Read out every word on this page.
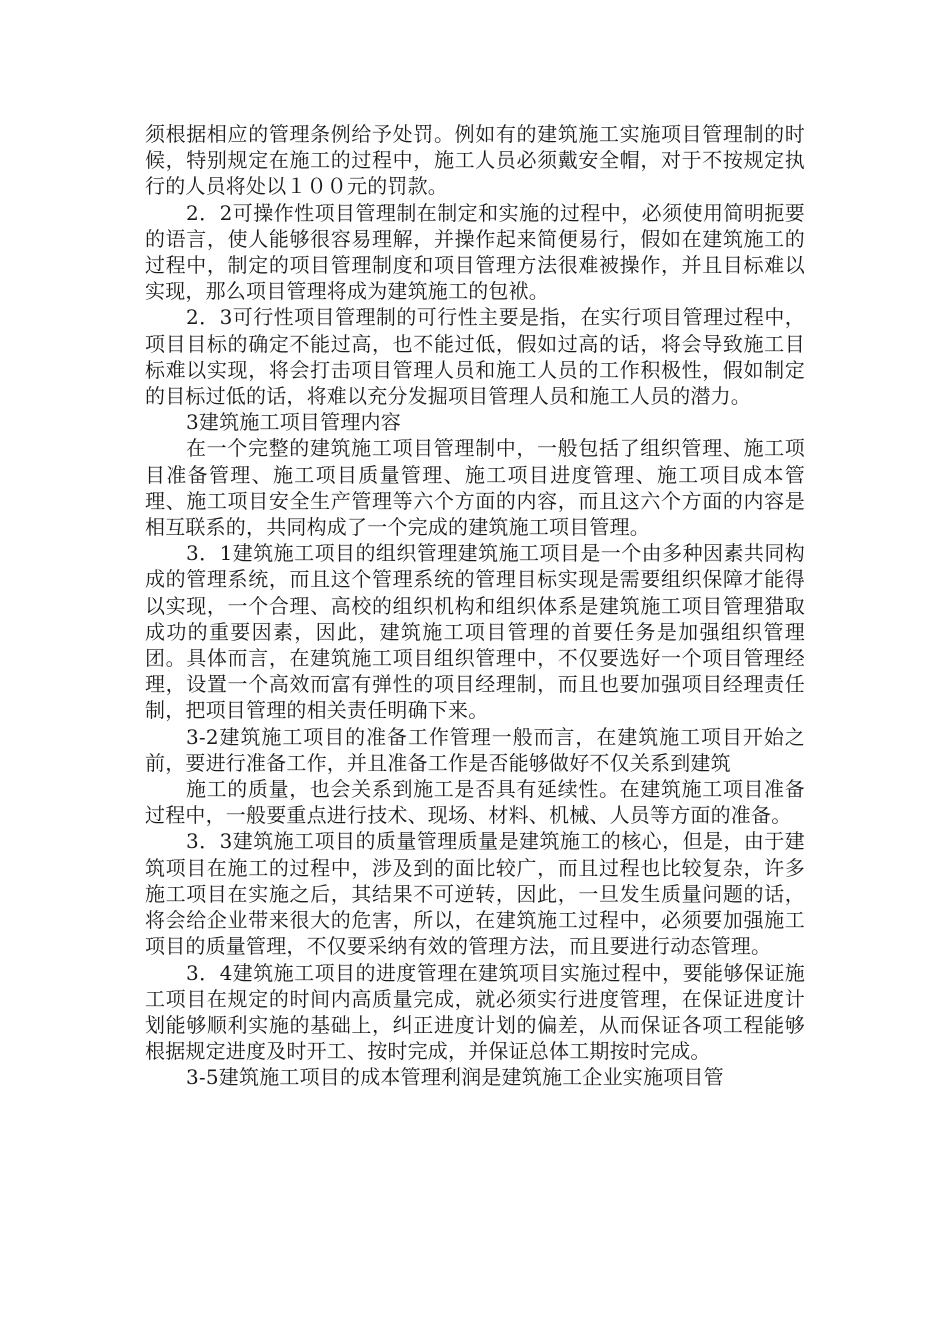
须根据相应的管理条例给予处罚。例如有的建筑施工实施项目管理制的时候，特别规定在施工的过程中，施工人员必须戴安全帽，对于不按规定执行的人员将处以１００元的罚款。

2．2可操作性项目管理制在制定和实施的过程中，必须使用简明扼要的语言，使人能够很容易理解，并操作起来简便易行，假如在建筑施工的过程中，制定的项目管理制度和项目管理方法很难被操作，并且目标难以实现，那么项目管理将成为建筑施工的包袱。

2．3可行性项目管理制的可行性主要是指，在实行项目管理过程中，项目目标的确定不能过高，也不能过低，假如过高的话，将会导致施工目标难以实现，将会打击项目管理人员和施工人员的工作积极性，假如制定的目标过低的话，将难以充分发掘项目管理人员和施工人员的潜力。

3建筑施工项目管理内容

在一个完整的建筑施工项目管理制中，一般包括了组织管理、施工项目准备管理、施工项目质量管理、施工项目进度管理、施工项目成本管理、施工项目安全生产管理等六个方面的内容，而且这六个方面的内容是相互联系的，共同构成了一个完成的建筑施工项目管理。

3．1建筑施工项目的组织管理建筑施工项目是一个由多种因素共同构成的管理系统，而且这个管理系统的管理目标实现是需要组织保障才能得以实现，一个合理、高校的组织机构和组织体系是建筑施工项目管理猎取成功的重要因素，因此，建筑施工项目管理的首要任务是加强组织管理团。具体而言，在建筑施工项目组织管理中，不仅要选好一个项目管理经理，设置一个高效而富有弹性的项目经理制，而且也要加强项目经理责任制，把项目管理的相关责任明确下来。

3-2建筑施工项目的准备工作管理一般而言，在建筑施工项目开始之前，要进行准备工作，并且准备工作是否能够做好不仅关系到建筑

施工的质量，也会关系到施工是否具有延续性。在建筑施工项目准备过程中，一般要重点进行技术、现场、材料、机械、人员等方面的准备。

3．3建筑施工项目的质量管理质量是建筑施工的核心，但是，由于建筑项目在施工的过程中，涉及到的面比较广，而且过程也比较复杂，许多施工项目在实施之后，其结果不可逆转，因此，一旦发生质量问题的话，将会给企业带来很大的危害，所以，在建筑施工过程中，必须要加强施工项目的质量管理，不仅要采纳有效的管理方法，而且要进行动态管理。

3．4建筑施工项目的进度管理在建筑项目实施过程中，要能够保证施工项目在规定的时间内高质量完成，就必须实行进度管理，在保证进度计划能够顺利实施的基础上，纠正进度计划的偏差，从而保证各项工程能够根据规定进度及时开工、按时完成，并保证总体工期按时完成。

3-5建筑施工项目的成本管理利润是建筑施工企业实施项目管
